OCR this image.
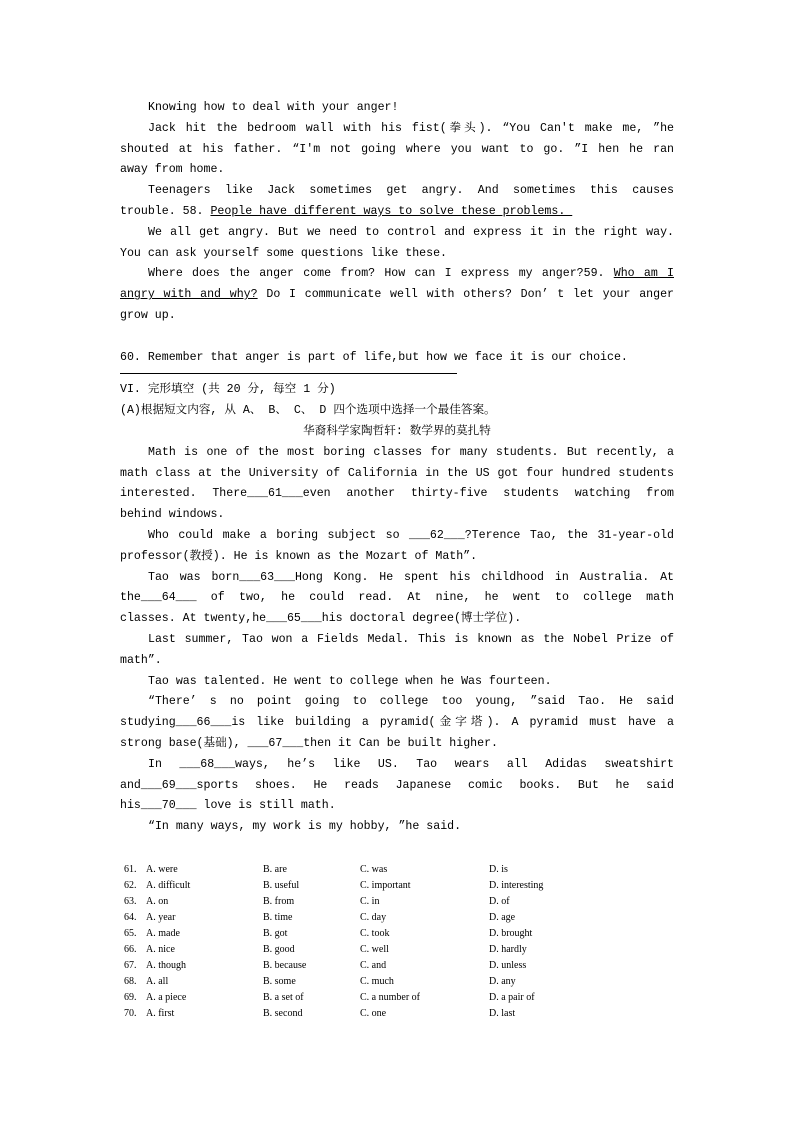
Knowing how to deal with your anger!
Jack hit the bedroom wall with his fist(拳头). “You Can't make me, ”he
shouted at his father. “I'm not going where you want to go. ”I hen he ran
away from home.
Teenagers like Jack sometimes get angry. And sometimes this causes
trouble. 58. People have different ways to solve these problems.
We all get angry. But we need to control and express it in the right way.
You can ask yourself some questions like these.
Where does the anger come from? How can I express my anger?59. Who am I
angry with and why? Do I communicate well with others? Don’ t let your anger
grow up.
60. Remember that anger is part of life,but how we face it is our choice.
VI. 完形填空 (共 20 分, 每空 1 分)
(A)根据短文内容, 从 A、 B、 C、 D 四个选项中选择一个最佳答案。
华裔科学家陶哲轩: 数学界的莫扎特
Math is one of the most boring classes for many students. But recently, a
math class at the University of California in the US got four hundred students
interested. There___61___even another thirty-five students watching from
behind windows.
Who could make a boring subject so ___62___?Terence Tao, the 31-year-old
professor(教授). He is known as the Mozart of Math”.
Tao was born___63___Hong Kong. He spent his childhood in Australia. At
the___64___ of two, he could read. At nine, he went to college math
classes. At twenty,he___65___his doctoral degree(博士学位).
Last summer, Tao won a Fields Medal. This is known as the Nobel Prize of
math”.
Tao was talented. He went to college when he Was fourteen.
“There’ s no point going to college too young, ”said Tao. He said
studying___66___is like building a pyramid(金字塔). A pyramid must have a
strong base(基础), ___67___then it Can be built higher.
In ___68___ways, he’s like US. Tao wears all Adidas sweatshirt
and___69___sports shoes. He reads Japanese comic books. But he said
his___70___ love is still math.
“In many ways, my work is my hobby, ”he said.
61. A. were	B. are	C. was	D. is
62. A. difficult	B. useful	C. important	D. interesting
63. A. on	B. from	C. in	D. of
64. A. year	B. time	C. day	D. age
65. A. made	B. got	C. took	D. brought
66. A. nice	B. good	C. well	D. hardly
67. A. though	B. because	C. and	D. unless
68. A. all	B. some	C. much	D. any
69. A. a piece	B. a set of	C. a number of	D. a pair of
70. A. first	B. second	C. one	D. last
